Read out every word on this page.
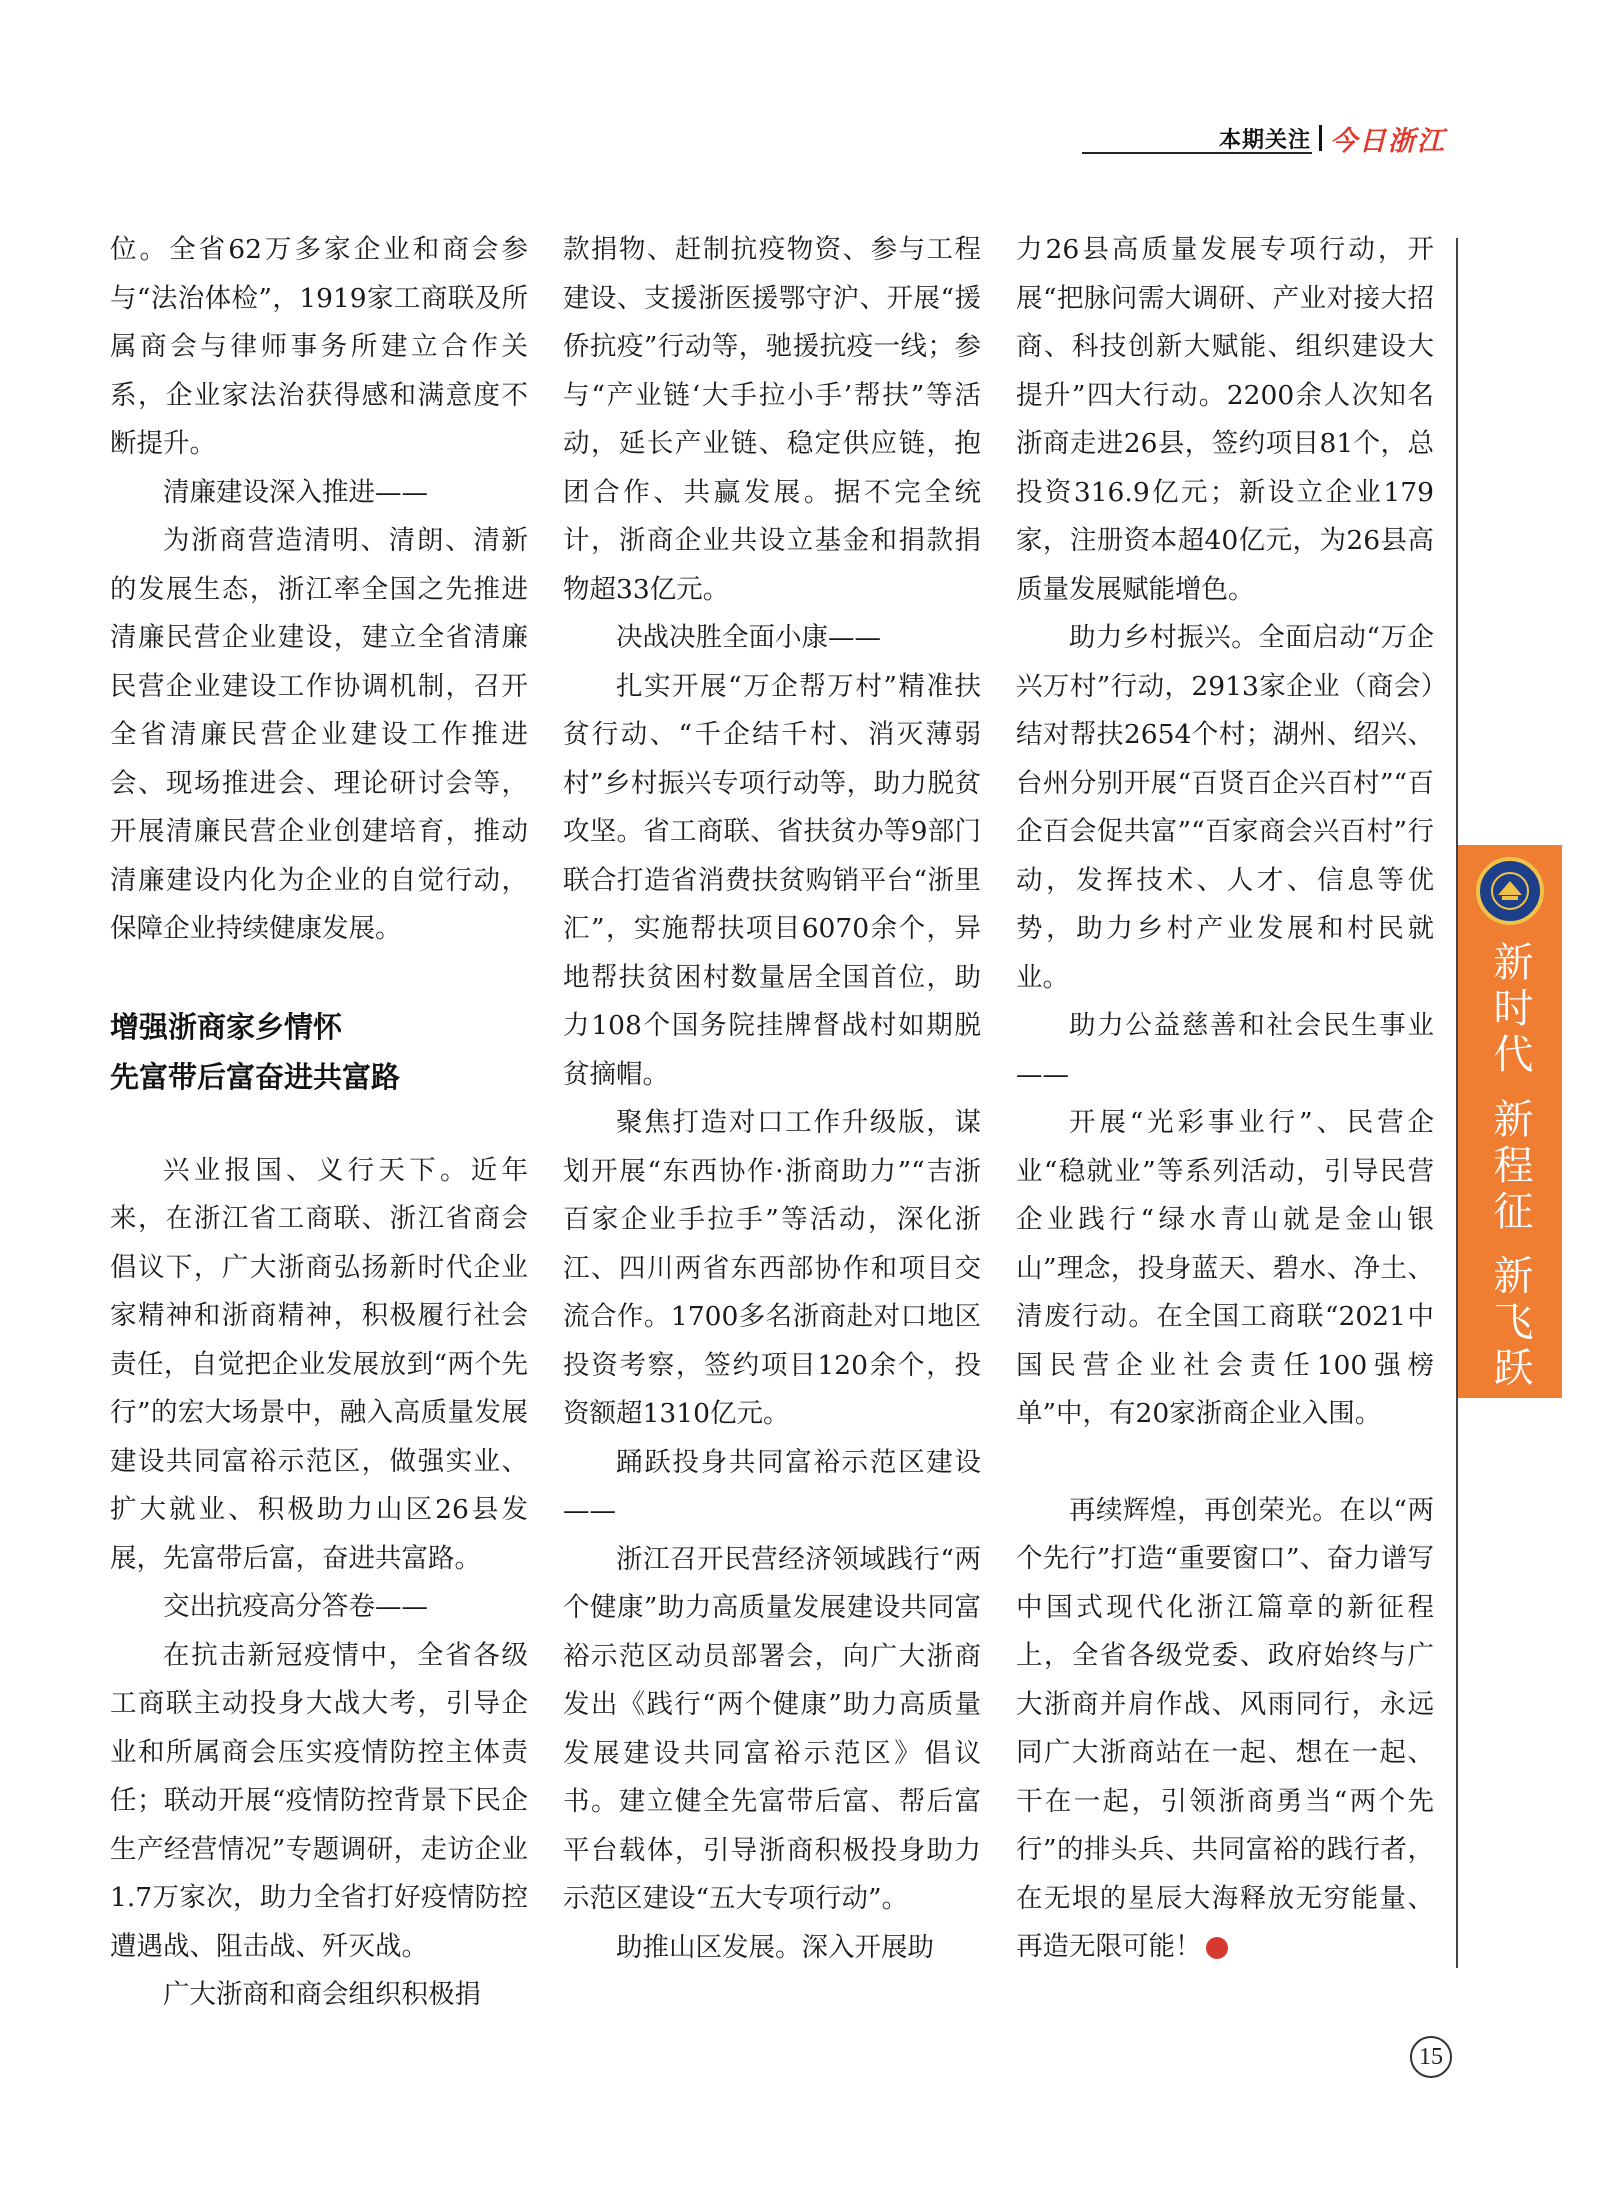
本期关注 今日浙江

位。全省62万多家企业和商会参与“法治体检”，1919家工商联及所属商会与律师事务所建立合作关系，企业家法治获得感和满意度不断提升。

清廉建设深入推进——

为浙商营造清明、清朗、清新的发展生态，浙江率全国之先推进清廉民营企业建设，建立全省清廉民营企业建设工作协调机制，召开全省清廉民营企业建设工作推进会、现场推进会、理论研讨会等，开展清廉民营企业创建培育，推动清廉建设内化为企业的自觉行动，保障企业持续健康发展。

增强浙商家乡情怀
先富带后富奋进共富路

兴业报国、义行天下。近年来，在浙江省工商联、浙江省商会倡议下，广大浙商弘扬新时代企业家精神和浙商精神，积极履行社会责任，自觉把企业发展放到“两个先行”的宏大场景中，融入高质量发展建设共同富裕示范区，做强实业、扩大就业、积极助力山区26县发展，先富带后富，奋进共富路。

交出抗疫高分答卷——

在抗击新冠疫情中，全省各级工商联主动投身大战大考，引导企业和所属商会压实疫情防控主体责任；联动开展“疫情防控背景下民企生产经营情况”专题调研，走访企业1.7万家次，助力全省打好疫情防控遭遇战、阻击战、歼灭战。

广大浙商和商会组织积极捐

款捐物、赶制抗疫物资、参与工程建设、支援浙医援鄂守沪、开展“援侨抗疫”行动等，驰援抗疫一线；参与“产业链‘大手拉小手’帮扶”等活动，延长产业链、稳定供应链，抱团合作、共赢发展。据不完全统计，浙商企业共设立基金和捐款捐物超33亿元。

决战决胜全面小康——

扎实开展“万企帮万村”精准扶贫行动、“千企结千村、消灭薄弱村”乡村振兴专项行动等，助力脱贫攻坚。省工商联、省扶贫办等9部门联合打造省消费扶贫购销平台“浙里汇”，实施帮扶项目6070余个，异地帮扶贫困村数量居全国首位，助力108个国务院挂牌督战村如期脱贫摘帽。

聚焦打造对口工作升级版，谋划开展“东西协作·浙商助力”“吉浙百家企业手拉手”等活动，深化浙江、四川两省东西部协作和项目交流合作。1700多名浙商赴对口地区投资考察，签约项目120余个，投资额超1310亿元。

踊跃投身共同富裕示范区建设——

浙江召开民营经济领域践行“两个健康”助力高质量发展建设共同富裕示范区动员部署会，向广大浙商发出《践行“两个健康”助力高质量发展建设共同富裕示范区》倡议书。建立健全先富带后富、帮后富平台载体，引导浙商积极投身助力示范区建设“五大专项行动”。

助推山区发展。深入开展助

力26县高质量发展专项行动，开展“把脉问需大调研、产业对接大招商、科技创新大赋能、组织建设大提升”四大行动。2200余人次知名浙商走进26县，签约项目81个，总投资316.9亿元；新设立企业179家，注册资本超40亿元，为26县高质量发展赋能增色。

助力乡村振兴。全面启动“万企兴万村”行动，2913家企业（商会）结对帮扶2654个村；湖州、绍兴、台州分别开展“百贤百企兴百村”“百企百会促共富”“百家商会兴百村”行动，发挥技术、人才、信息等优势，助力乡村产业发展和村民就业。

助力公益慈善和社会民生事业——

开展“光彩事业行”、民营企业“稳就业”等系列活动，引导民营企业践行“绿水青山就是金山银山”理念，投身蓝天、碧水、净土、清废行动。在全国工商联“2021中国民营企业社会责任100强榜单”中，有20家浙商企业入围。

再续辉煌，再创荣光。在以“两个先行”打造“重要窗口”、奋力谱写中国式现代化浙江篇章的新征程上，全省各级党委、政府始终与广大浙商并肩作战、风雨同行，永远同广大浙商站在一起、想在一起、干在一起，引领浙商勇当“两个先行”的排头兵、共同富裕的践行者，在无垠的星辰大海释放无穷能量、再造无限可能！	今

新时代 新程征 新飞跃
15
